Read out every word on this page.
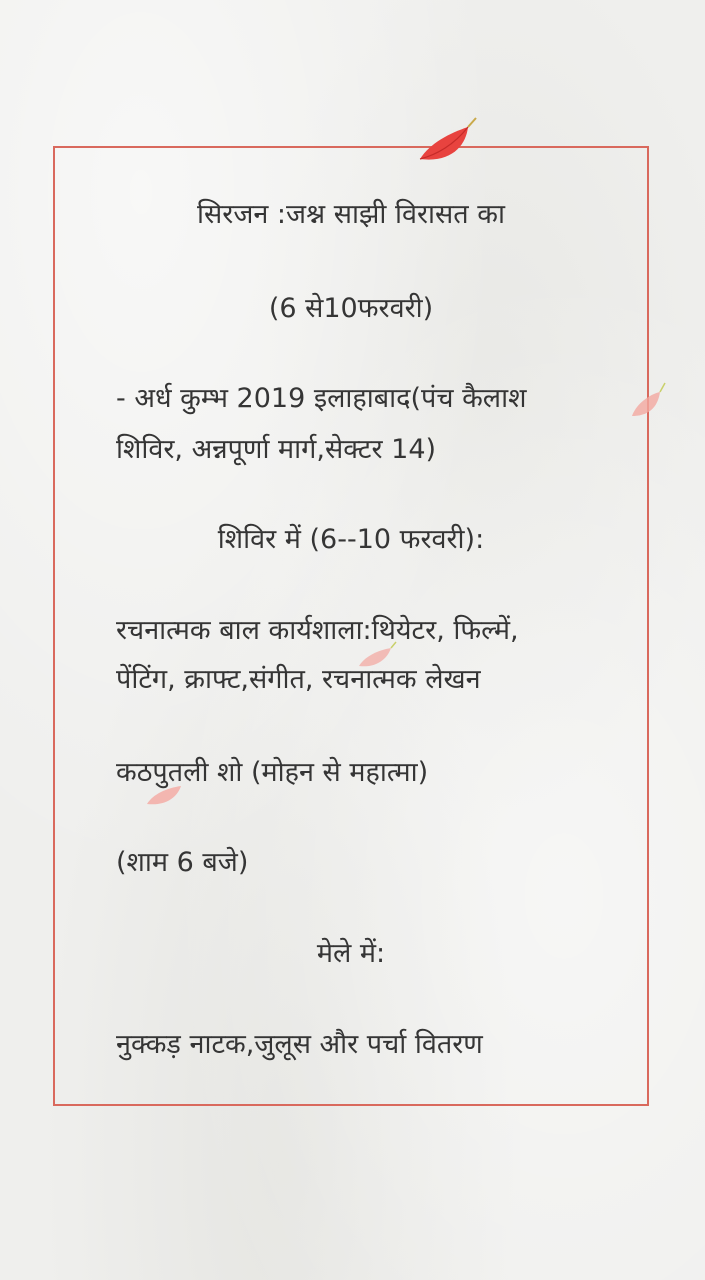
सिरजन :जश्न साझी विरासत का

(6 से10फरवरी)

- अर्ध कुम्भ 2019 इलाहाबाद(पंच कैलाश

शिविर, अन्नपूर्णा मार्ग,सेक्टर 14)

शिविर में (6--10 फरवरी):

रचनात्मक बाल कार्यशाला:थियेटर, फिल्में,

पेंटिंग, क्राफ्ट,संगीत, रचनात्मक लेखन

कठपुतली शो (मोहन से महात्मा)

(शाम 6 बजे)

मेले में:

नुक्कड़ नाटक,जुलूस और पर्चा वितरण
